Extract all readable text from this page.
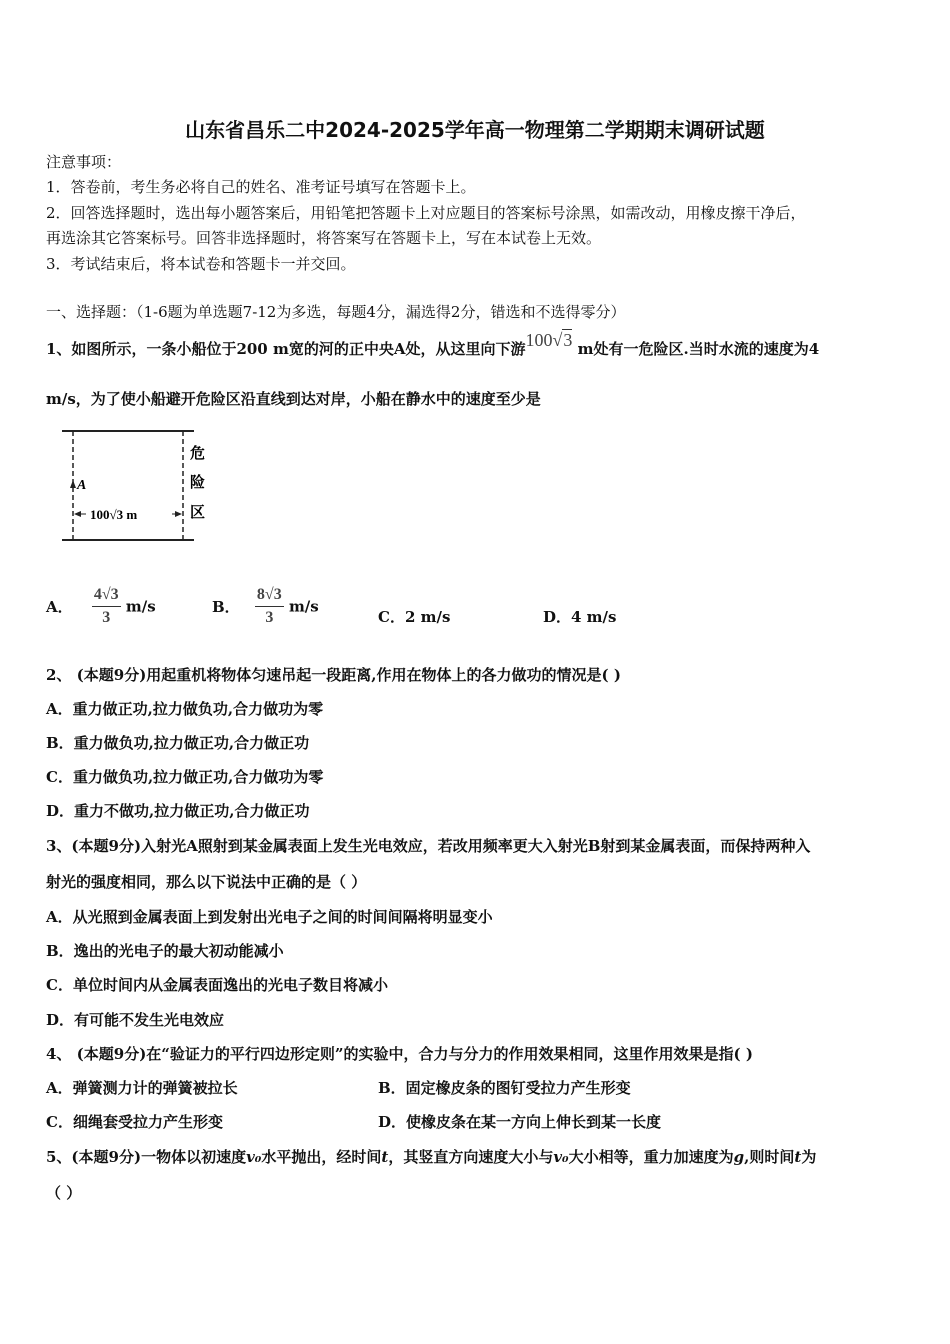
山东省昌乐二中2024-2025学年高一物理第二学期期末调研试题
注意事项：
1．答卷前，考生务必将自己的姓名、准考证号填写在答题卡上。
2．回答选择题时，选出每小题答案后，用铅笔把答题卡上对应题目的答案标号涂黑，如需改动，用橡皮擦干净后，
再选涂其它答案标号。回答非选择题时，将答案写在答题卡上，写在本试卷上无效。
3．考试结束后，将本试卷和答题卡一并交回。
一、选择题：（1-6题为单选题7-12为多选，每题4分，漏选得2分，错选和不选得零分）
1、如图所示，一条小船位于200 m宽的河的正中央A处，从这里向下游100√3 m处有一危险区.当时水流的速度为4
m/s，为了使小船避开危险区沿直线到达对岸，小船在静水中的速度至少是
A
100√3 m
危
险
区
A． $\frac{4√3}{3} m/s$	B． $\frac{8√3}{3} m/s$
C．2 m/s	D．4 m/s
2、 (本题9分)用起重机将物体匀速吊起一段距离,作用在物体上的各力做功的情况是( )
A．重力做正功,拉力做负功,合力做功为零
B．重力做负功,拉力做正功,合力做正功
C．重力做负功,拉力做正功,合力做功为零
D．重力不做功,拉力做正功,合力做正功
3、(本题9分)入射光A照射到某金属表面上发生光电效应，若改用频率更大入射光B射到某金属表面，而保持两种入
射光的强度相同，那么以下说法中正确的是（ ）
A．从光照到金属表面上到发射出光电子之间的时间间隔将明显变小
B．逸出的光电子的最大初动能减小
C．单位时间内从金属表面逸出的光电子数目将减小
D．有可能不发生光电效应
4、 (本题9分)在“验证力的平行四边形定则”的实验中，合力与分力的作用效果相同，这里作用效果是指( )
A．弹簧测力计的弹簧被拉长	B．固定橡皮条的图钉受拉力产生形变
C．细绳套受拉力产生形变	D．使橡皮条在某一方向上伸长到某一长度
5、(本题9分)一物体以初速度v₀水平抛出，经时间t，其竖直方向速度大小与v₀大小相等，重力加速度为g,则时间t为
（ ）
